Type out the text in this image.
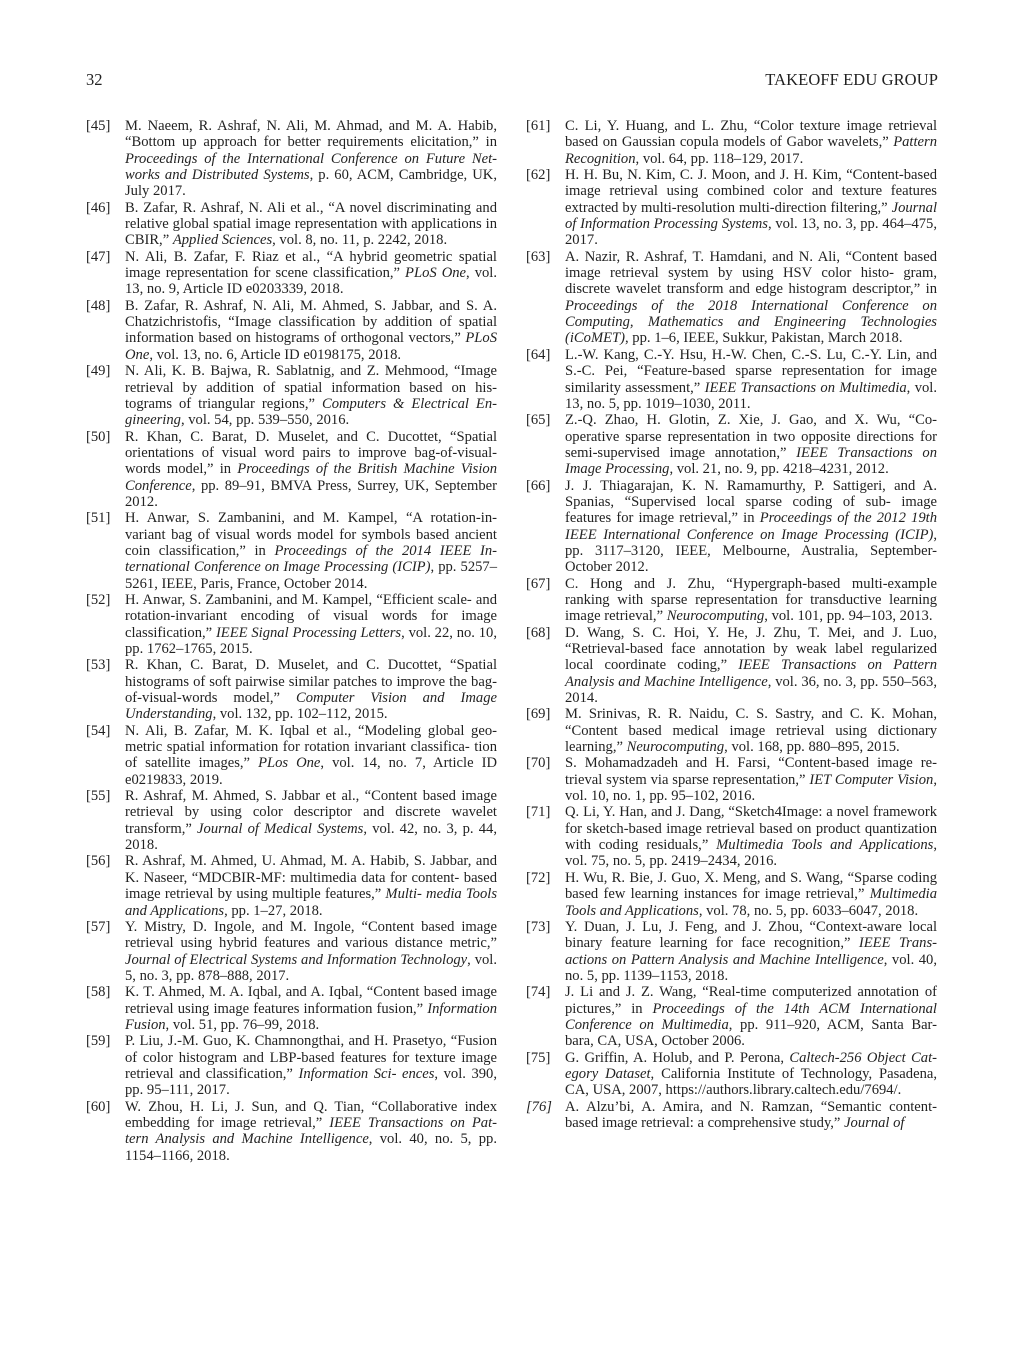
32	TAKEOFF EDU GROUP
[45]	M. Naeem, R. Ashraf, N. Ali, M. Ahmad, and M. A. Habib, “Bottom up approach for better requirements elicitation,” in Proceedings of the International Conference on Future Net- works and Distributed Systems, p. 60, ACM, Cambridge, UK, July 2017.
[46]	B. Zafar, R. Ashraf, N. Ali et al., “A novel discriminating and relative global spatial image representation with applications in CBIR,” Applied Sciences, vol. 8, no. 11, p. 2242, 2018.
[47]	N. Ali, B. Zafar, F. Riaz et al., “A hybrid geometric spatial image representation for scene classification,” PLoS One, vol. 13, no. 9, Article ID e0203339, 2018.
[48]	B. Zafar, R. Ashraf, N. Ali, M. Ahmed, S. Jabbar, and S. A. Chatzichristofis, “Image classification by addition of spatial information based on histograms of orthogonal vectors,” PLoS One, vol. 13, no. 6, Article ID e0198175, 2018.
[49]	N. Ali, K. B. Bajwa, R. Sablatnig, and Z. Mehmood, “Image retrieval by addition of spatial information based on his- tograms of triangular regions,” Computers & Electrical En- gineering, vol. 54, pp. 539–550, 2016.
[50]	R. Khan, C. Barat, D. Muselet, and C. Ducottet, “Spatial orientations of visual word pairs to improve bag-of-visual- words model,” in Proceedings of the British Machine Vision Conference, pp. 89–91, BMVA Press, Surrey, UK, September 2012.
[51]	H. Anwar, S. Zambanini, and M. Kampel, “A rotation-in- variant bag of visual words model for symbols based ancient coin classification,” in Proceedings of the 2014 IEEE In- ternational Conference on Image Processing (ICIP), pp. 5257–5261, IEEE, Paris, France, October 2014.
[52]	H. Anwar, S. Zambanini, and M. Kampel, “Efficient scale- and rotation-invariant encoding of visual words for image classification,” IEEE Signal Processing Letters, vol. 22, no. 10, pp. 1762–1765, 2015.
[53]	R. Khan, C. Barat, D. Muselet, and C. Ducottet, “Spatial histograms of soft pairwise similar patches to improve the bag-of-visual-words model,” Computer Vision and Image Understanding, vol. 132, pp. 102–112, 2015.
[54]	N. Ali, B. Zafar, M. K. Iqbal et al., “Modeling global geo- metric spatial information for rotation invariant classifica- tion of satellite images,” PLos One, vol. 14, no. 7, Article ID e0219833, 2019.
[55]	R. Ashraf, M. Ahmed, S. Jabbar et al., “Content based image retrieval by using color descriptor and discrete wavelet transform,” Journal of Medical Systems, vol. 42, no. 3, p. 44, 2018.
[56]	R. Ashraf, M. Ahmed, U. Ahmad, M. A. Habib, S. Jabbar, and K. Naseer, “MDCBIR-MF: multimedia data for content- based image retrieval by using multiple features,” Multi- media Tools and Applications, pp. 1–27, 2018.
[57]	Y. Mistry, D. Ingole, and M. Ingole, “Content based image retrieval using hybrid features and various distance metric,” Journal of Electrical Systems and Information Technology, vol. 5, no. 3, pp. 878–888, 2017.
[58]	K. T. Ahmed, M. A. Iqbal, and A. Iqbal, “Content based image retrieval using image features information fusion,” Information Fusion, vol. 51, pp. 76–99, 2018.
[59]	P. Liu, J.-M. Guo, K. Chamnongthai, and H. Prasetyo, “Fusion of color histogram and LBP-based features for texture image retrieval and classification,” Information Sci- ences, vol. 390, pp. 95–111, 2017.
[60]	W. Zhou, H. Li, J. Sun, and Q. Tian, “Collaborative index embedding for image retrieval,” IEEE Transactions on Pat- tern Analysis and Machine Intelligence, vol. 40, no. 5, pp. 1154–1166, 2018.
[61]	C. Li, Y. Huang, and L. Zhu, “Color texture image retrieval based on Gaussian copula models of Gabor wavelets,” Pattern Recognition, vol. 64, pp. 118–129, 2017.
[62]	H. H. Bu, N. Kim, C. J. Moon, and J. H. Kim, “Content-based image retrieval using combined color and texture features extracted by multi-resolution multi-direction filtering,” Journal of Information Processing Systems, vol. 13, no. 3, pp. 464–475, 2017.
[63]	A. Nazir, R. Ashraf, T. Hamdani, and N. Ali, “Content based image retrieval system by using HSV color histo- gram, discrete wavelet transform and edge histogram descriptor,” in Proceedings of the 2018 International Conference on Computing, Mathematics and Engineering Technologies (iCoMET), pp. 1–6, IEEE, Sukkur, Pakistan, March 2018.
[64]	L.-W. Kang, C.-Y. Hsu, H.-W. Chen, C.-S. Lu, C.-Y. Lin, and S.-C. Pei, “Feature-based sparse representation for image similarity assessment,” IEEE Transactions on Multimedia, vol. 13, no. 5, pp. 1019–1030, 2011.
[65]	Z.-Q. Zhao, H. Glotin, Z. Xie, J. Gao, and X. Wu, “Co- operative sparse representation in two opposite directions for semi-supervised image annotation,” IEEE Transactions on Image Processing, vol. 21, no. 9, pp. 4218–4231, 2012.
[66]	J. J. Thiagarajan, K. N. Ramamurthy, P. Sattigeri, and A. Spanias, “Supervised local sparse coding of sub- image features for image retrieval,” in Proceedings of the 2012 19th IEEE International Conference on Image Processing (ICIP), pp. 3117–3120, IEEE, Melbourne, Australia, September- October 2012.
[67]	C. Hong and J. Zhu, “Hypergraph-based multi-example ranking with sparse representation for transductive learning image retrieval,” Neurocomputing, vol. 101, pp. 94–103, 2013.
[68]	D. Wang, S. C. Hoi, Y. He, J. Zhu, T. Mei, and J. Luo, “Retrieval-based face annotation by weak label regularized local coordinate coding,” IEEE Transactions on Pattern Analysis and Machine Intelligence, vol. 36, no. 3, pp. 550–563, 2014.
[69]	M. Srinivas, R. R. Naidu, C. S. Sastry, and C. K. Mohan, “Content based medical image retrieval using dictionary learning,” Neurocomputing, vol. 168, pp. 880–895, 2015.
[70]	S. Mohamadzadeh and H. Farsi, “Content-based image re- trieval system via sparse representation,” IET Computer Vision, vol. 10, no. 1, pp. 95–102, 2016.
[71]	Q. Li, Y. Han, and J. Dang, “Sketch4Image: a novel framework for sketch-based image retrieval based on product quantization with coding residuals,” Multimedia Tools and Applications, vol. 75, no. 5, pp. 2419–2434, 2016.
[72]	H. Wu, R. Bie, J. Guo, X. Meng, and S. Wang, “Sparse coding based few learning instances for image retrieval,” Multimedia Tools and Applications, vol. 78, no. 5, pp. 6033–6047, 2018.
[73]	Y. Duan, J. Lu, J. Feng, and J. Zhou, “Context-aware local binary feature learning for face recognition,” IEEE Trans- actions on Pattern Analysis and Machine Intelligence, vol. 40, no. 5, pp. 1139–1153, 2018.
[74]	J. Li and J. Z. Wang, “Real-time computerized annotation of pictures,” in Proceedings of the 14th ACM International Conference on Multimedia, pp. 911–920, ACM, Santa Bar- bara, CA, USA, October 2006.
[75]	G. Griffin, A. Holub, and P. Perona, Caltech-256 Object Cat- egory Dataset, California Institute of Technology, Pasadena, CA, USA, 2007, https://authors.library.caltech.edu/7694/.
[76] A. Alzu’bi, A. Amira, and N. Ramzan, “Semantic content- based image retrieval: a comprehensive study,” Journal of
